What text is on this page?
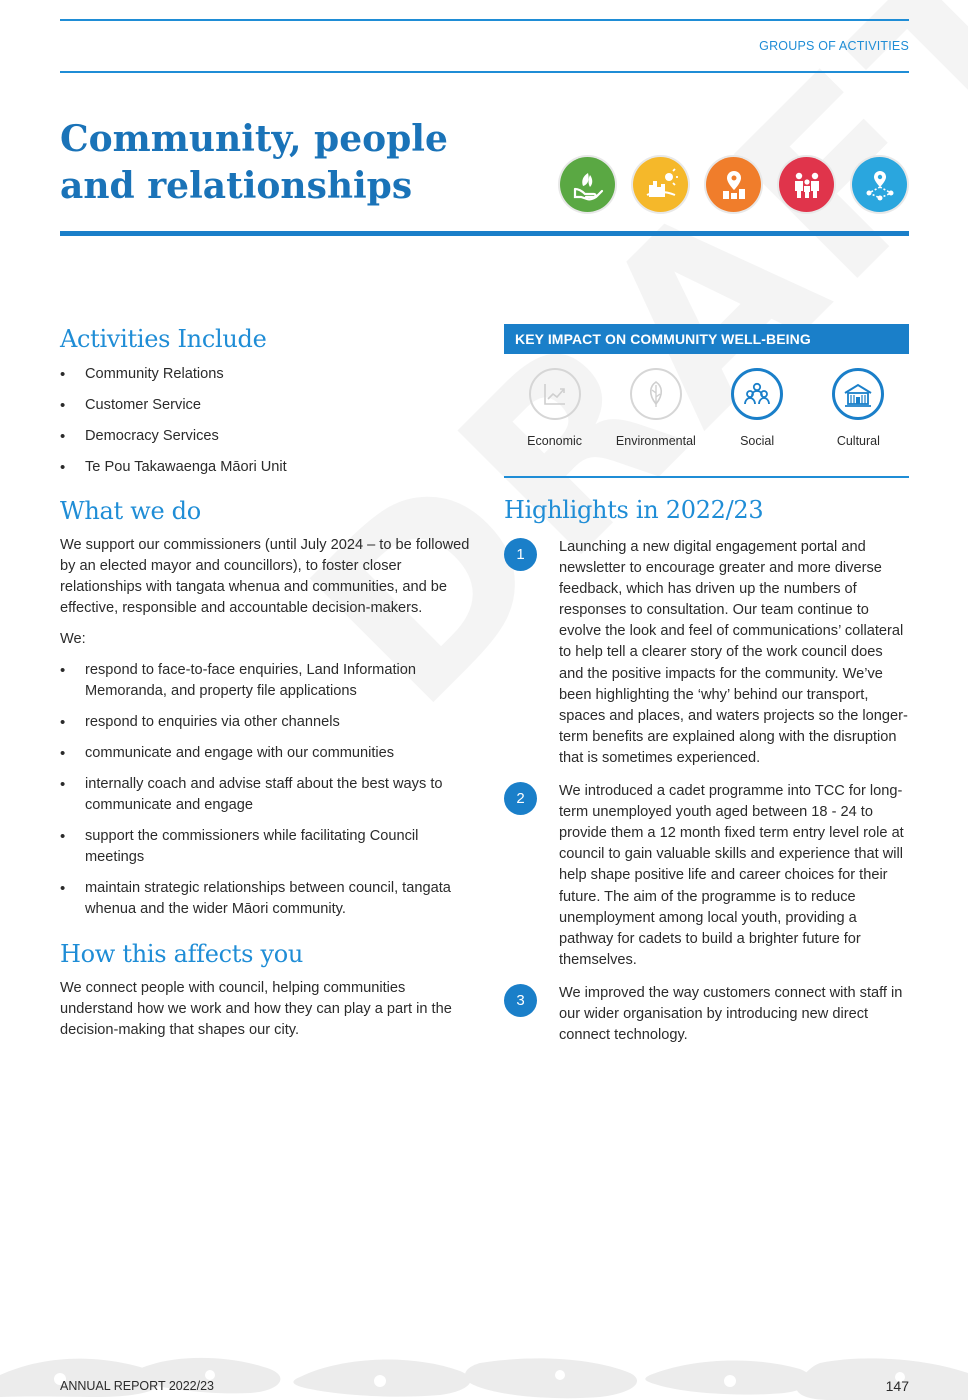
GROUPS OF ACTIVITIES
Community, people and relationships
Activities Include
• Community Relations
• Customer Service
• Democracy Services
• Te Pou Takawaenga Māori Unit
What we do

We support our commissioners (until July 2024 – to be followed by an elected mayor and councillors), to foster closer relationships with tangata whenua and communities, and be effective, responsible and accountable decision-makers.

We:

• respond to face-to-face enquiries, Land Information Memoranda, and property file applications
• respond to enquiries via other channels
• communicate and engage with our communities
• internally coach and advise staff about the best ways to communicate and engage
• support the commissioners while facilitating Council meetings
• maintain strategic relationships between council, tangata whenua and the wider Māori community.
How this affects you

We connect people with council, helping communities understand how we work and how they can play a part in the decision-making that shapes our city.

KEY IMPACT ON COMMUNITY WELL-BEING
Economic	Environmental	Social	Cultural
Highlights in 2022/23
1	Launching a new digital engagement portal and newsletter to encourage greater and more diverse feedback, which has driven up the numbers of responses to consultation. Our team continue to evolve the look and feel of communications’ collateral to help tell a clearer story of the work council does and the positive impacts for the community. We’ve been highlighting the ‘why’ behind our transport, spaces and places, and waters projects so the longer-term benefits are explained along with the disruption that is sometimes experienced.

2	We introduced a cadet programme into TCC for long-term unemployed youth aged between 18 - 24 to provide them a 12 month fixed term entry level role at council to gain valuable skills and experience that will help shape positive life and career choices for their future. The aim of the programme is to reduce unemployment among local youth, providing a pathway for cadets to build a brighter future for themselves.

3	We improved the way customers connect with staff in our wider organisation by introducing new direct connect technology.

ANNUAL REPORT 2022/23	147
